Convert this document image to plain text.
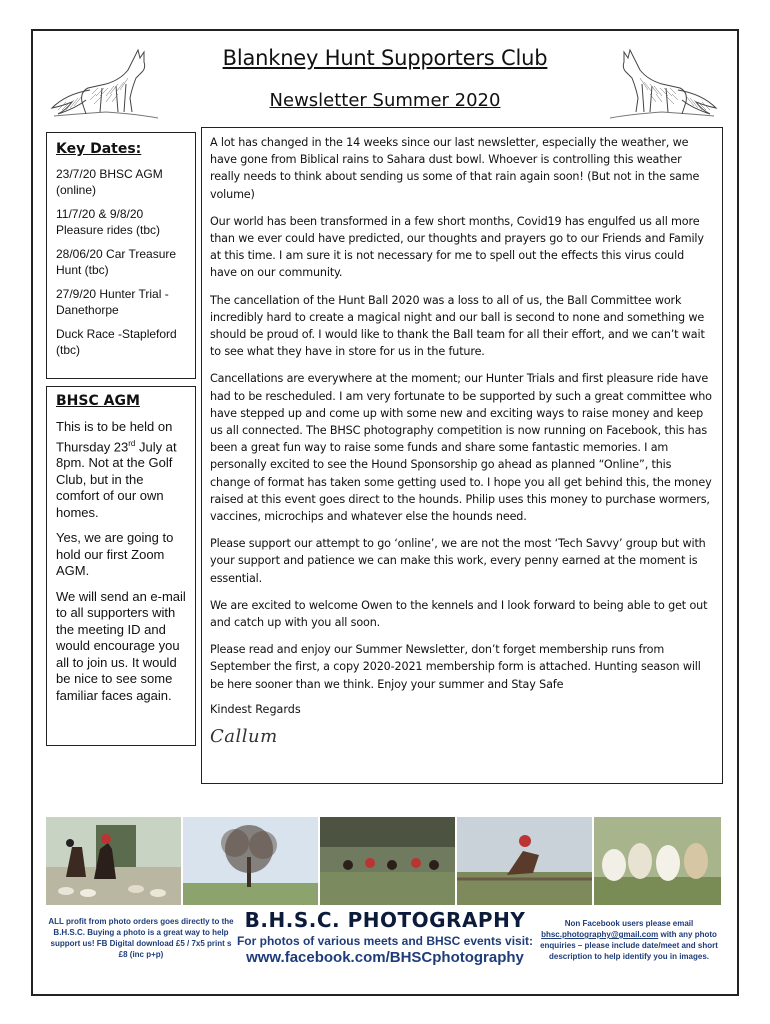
Blankney Hunt Supporters Club
Newsletter Summer 2020
Key Dates:
23/7/20 BHSC AGM (online)
11/7/20 & 9/8/20 Pleasure rides (tbc)
28/06/20 Car Treasure Hunt (tbc)
27/9/20 Hunter Trial - Danethorpe
Duck Race -Stapleford (tbc)
BHSC AGM
This is to be held on Thursday 23rd July at 8pm. Not at the Golf Club, but in the comfort of our own homes.
Yes, we are going to hold our first Zoom AGM.
We will send an e-mail to all supporters with the meeting ID and would encourage you all to join us. It would be nice to see some familiar faces again.

A lot has changed in the 14 weeks since our last newsletter, especially the weather, we have gone from Biblical rains to Sahara dust bowl. Whoever is controlling this weather really needs to think about sending us some of that rain again soon! (But not in the same volume)

Our world has been transformed in a few short months, Covid19 has engulfed us all more than we ever could have predicted, our thoughts and prayers go to our Friends and Family at this time. I am sure it is not necessary for me to spell out the effects this virus could have on our community.

The cancellation of the Hunt Ball 2020 was a loss to all of us, the Ball Committee work incredibly hard to create a magical night and our ball is second to none and something we should be proud of. I would like to thank the Ball team for all their effort, and we can’t wait to see what they have in store for us in the future.

Cancellations are everywhere at the moment; our Hunter Trials and first pleasure ride have had to be rescheduled. I am very fortunate to be supported by such a great committee who have stepped up and come up with some new and exciting ways to raise money and keep us all connected. The BHSC photography competition is now running on Facebook, this has been a great fun way to raise some funds and share some fantastic memories. I am personally excited to see the Hound Sponsorship go ahead as planned “Online”, this change of format has taken some getting used to. I hope you all get behind this, the money raised at this event goes direct to the hounds. Philip uses this money to purchase wormers, vaccines, microchips and whatever else the hounds need.

Please support our attempt to go ‘online’, we are not the most ‘Tech Savvy’ group but with your support and patience we can make this work, every penny earned at the moment is essential.

We are excited to welcome Owen to the kennels and I look forward to being able to get out and catch up with you all soon.

Please read and enjoy our Summer Newsletter, don’t forget membership runs from September the first, a copy 2020-2021 membership form is attached. Hunting season will be here sooner than we think. Enjoy your summer and Stay Safe

Kindest Regards
Callum
ALL profit from photo orders goes directly to the B.H.S.C. Buying a photo is a great way to help support us! FB Digital download £5 / 7x5 print s £8 (inc p+p)
B.H.S.C. PHOTOGRAPHY
For photos of various meets and BHSC events visit:
www.facebook.com/BHSCphotography
Non Facebook users please email
bhsc.photography@gmail.com with any photo enquiries – please include date/meet and short description to help identify you in images.
